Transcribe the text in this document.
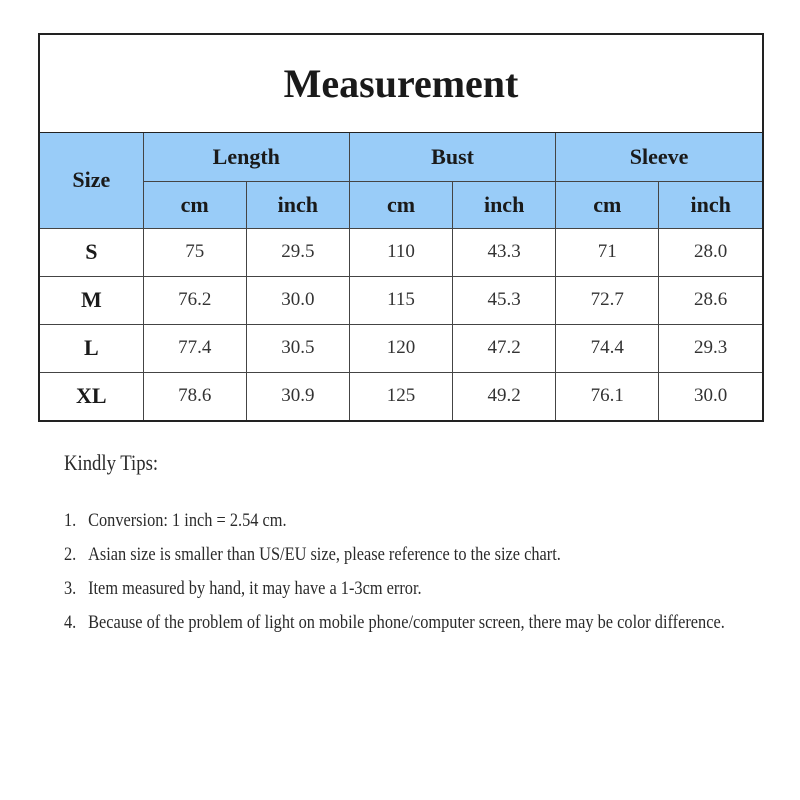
Measurement
Size	Length		Bust		Sleeve	
	cm	inch	cm	inch	cm	inch
S	75	29.5	110	43.3	71	28.0
M	76.2	30.0	115	45.3	72.7	28.6
L	77.4	30.5	120	47.2	74.4	29.3
XL	78.6	30.9	125	49.2	76.1	30.0
Kindly Tips:
1. Conversion: 1 inch = 2.54 cm.
2. Asian size is smaller than US/EU size, please reference to the size chart.
3. Item measured by hand, it may have a 1-3cm error.
4. Because of the problem of light on mobile phone/computer screen, there may be color difference.
